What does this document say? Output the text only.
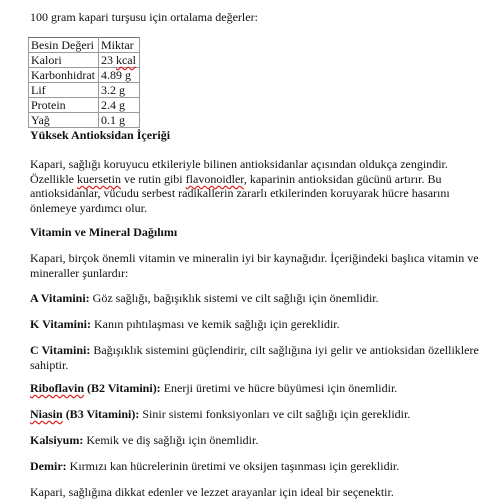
100 gram kapari turşusu için ortalama değerler:

Besin Değeri	Miktar
Kalori	23 kcal
Karbonhidrat	4.89 g
Lif	3.2 g
Protein	2.4 g
Yağ	0.1 g
Yüksek Antioksidan İçeriği

Kapari, sağlığı koruyucu etkileriyle bilinen antioksidanlar açısından oldukça zengindir. Özellikle kuersetin ve rutin gibi flavonoidler, kaparinin antioksidan gücünü artırır. Bu antioksidanlar, vücudu serbest radikallerin zararlı etkilerinden koruyarak hücre hasarını önlemeye yardımcı olur.

Vitamin ve Mineral Dağılımı

Kapari, birçok önemli vitamin ve mineralin iyi bir kaynağıdır. İçeriğindeki başlıca vitamin ve mineraller şunlardır:

A Vitamini: Göz sağlığı, bağışıklık sistemi ve cilt sağlığı için önemlidir.

K Vitamini: Kanın pıhtılaşması ve kemik sağlığı için gereklidir.

C Vitamini: Bağışıklık sistemini güçlendirir, cilt sağlığına iyi gelir ve antioksidan özelliklere sahiptir.

Riboflavin (B2 Vitamini): Enerji üretimi ve hücre büyümesi için önemlidir.

Niasin (B3 Vitamini): Sinir sistemi fonksiyonları ve cilt sağlığı için gereklidir.

Kalsiyum: Kemik ve diş sağlığı için önemlidir.

Demir: Kırmızı kan hücrelerinin üretimi ve oksijen taşınması için gereklidir.

Kapari, sağlığına dikkat edenler ve lezzet arayanlar için ideal bir seçenektir.
